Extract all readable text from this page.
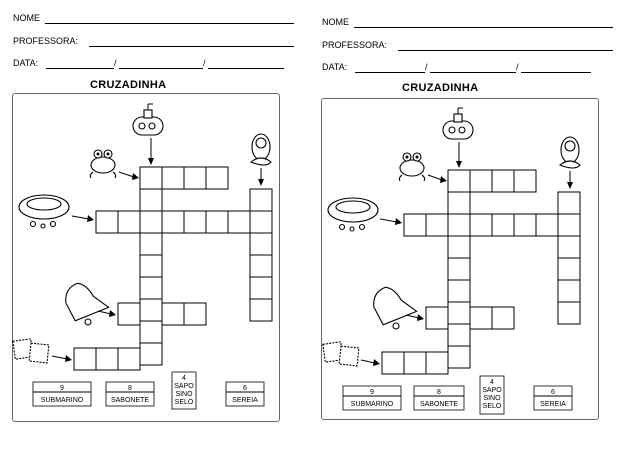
NOME
PROFESSORA:
DATA:	/	/
CRUZADINHA
9
SUBMARINO
8
SABONETE
4
SAPO
SINO
SELO
6
SEREIA
NOME
PROFESSORA:
DATA:	/	/
CRUZADINHA
9
SUBMARINO
8
SABONETE
4
SAPO
SINO
SELO
6
SEREIA
